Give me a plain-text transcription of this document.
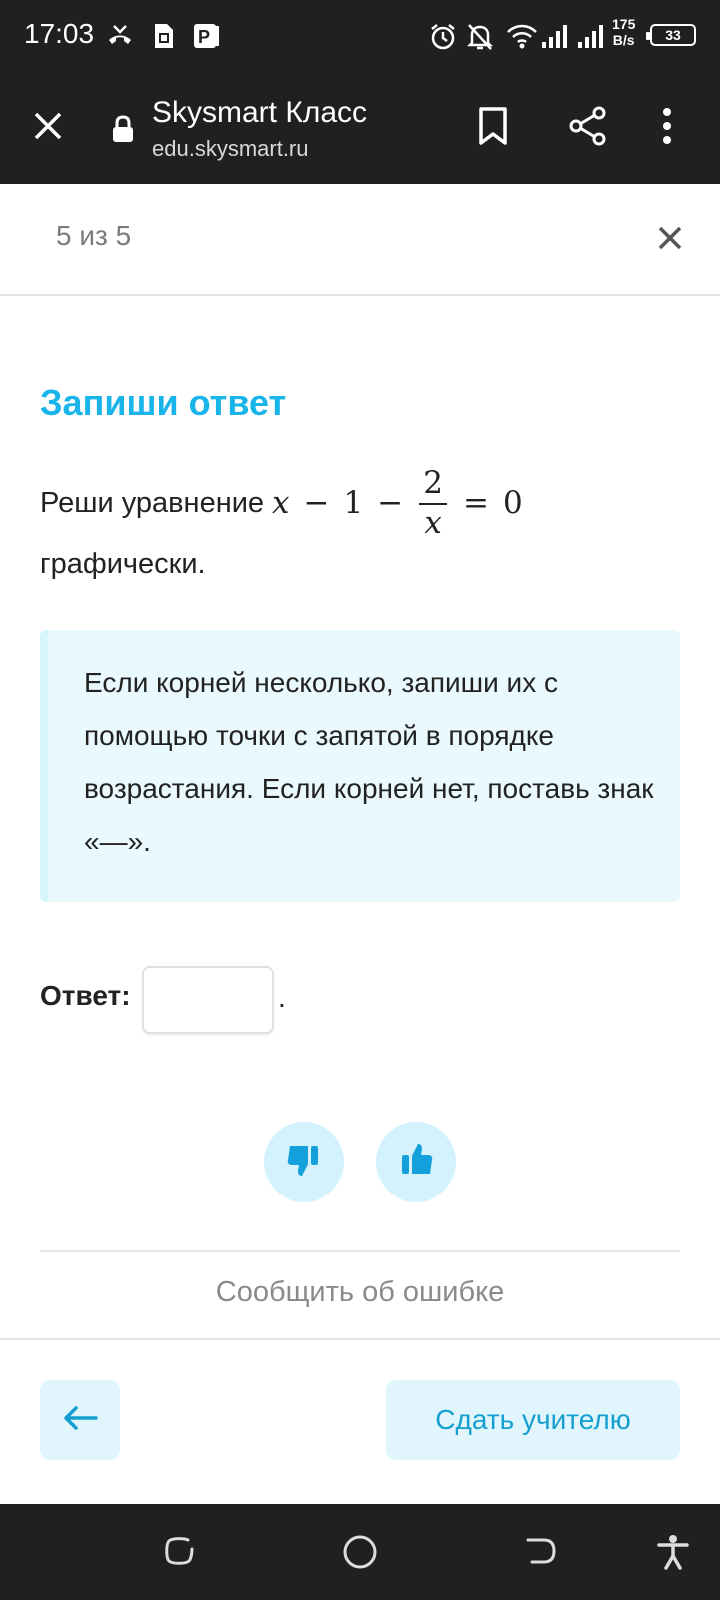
17:03	P
175
B/s	33
Skysmart Класс
edu.skysmart.ru
5 из 5
Запиши ответ
Реши уравнение $x - 1 - \frac{2}{x} = 0$
графически.
Если корней несколько, запиши их с помощью точки с запятой в порядке возрастания. Если корней нет, поставь знак «—».
Ответ:	.
Сообщить об ошибке
Сдать учителю
